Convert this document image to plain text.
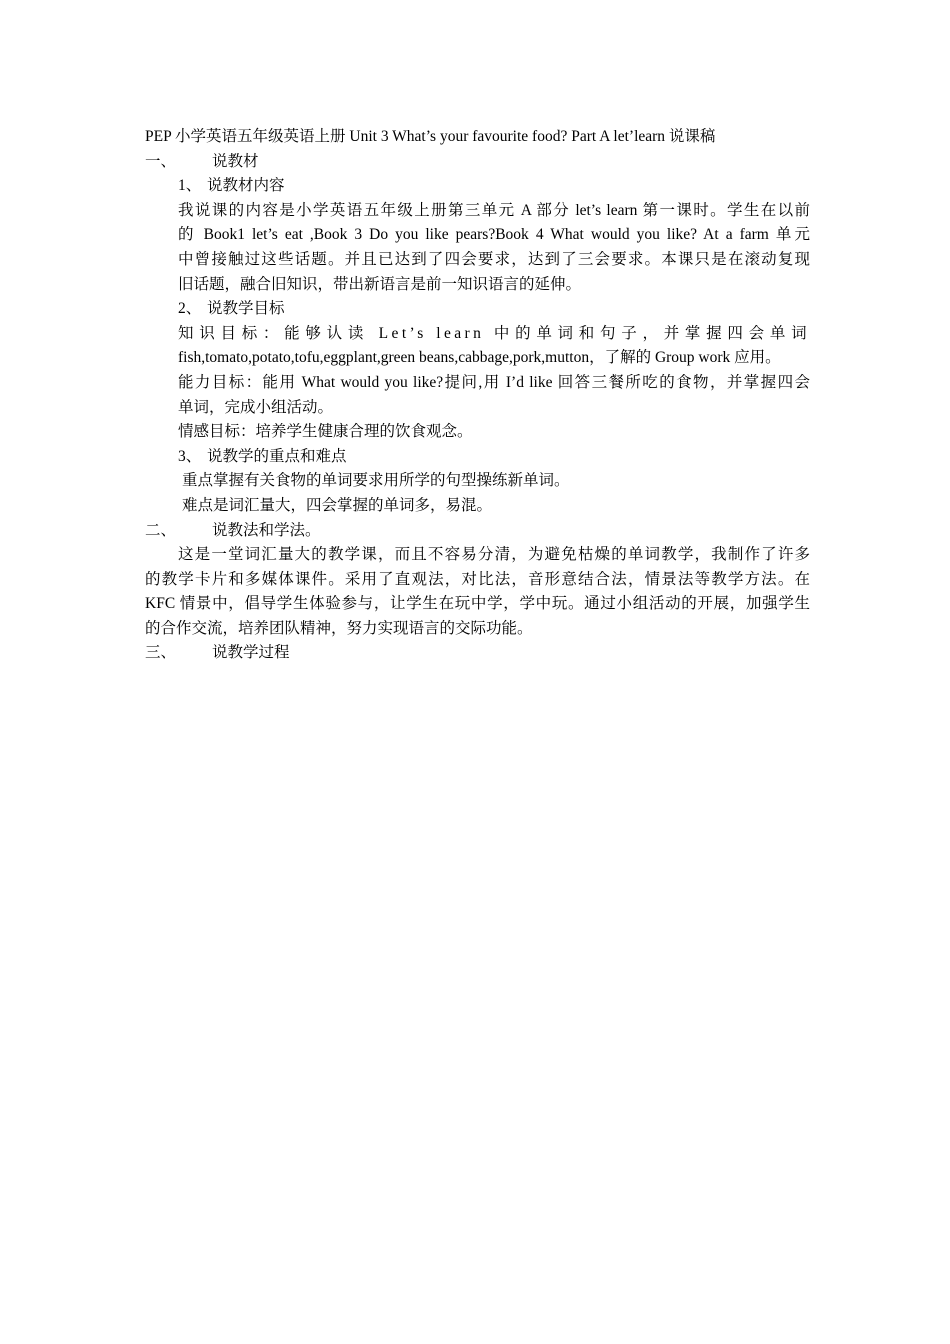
PEP 小学英语五年级英语上册 Unit 3 What’s your favourite food? Part A let’learn 说课稿

一、	说教材
1、 说教材内容

我说课的内容是小学英语五年级上册第三单元 A 部分 let’s learn 第一课时。学生在以前

的 Book1 let’s eat ,Book 3 Do you like pears?Book 4 What would you like? At a farm 单元

中曾接触过这些话题。并且已达到了四会要求，达到了三会要求。本课只是在滚动复现

旧话题，融合旧知识，带出新语言是前一知识语言的延伸。

2、 说教学目标

知识目标：能够认读 Let’s learn 中的单词和句子，并掌握四会单词

fish,tomato,potato,tofu,eggplant,green beans,cabbage,pork,mutton，了解的 Group work 应用。

能力目标：能用 What would you like?提问,用 I’d like 回答三餐所吃的食物，并掌握四会

单词，完成小组活动。

情感目标：培养学生健康合理的饮食观念。

3、 说教学的重点和难点

重点掌握有关食物的单词要求用所学的句型操练新单词。

难点是词汇量大，四会掌握的单词多，易混。

二、	说教法和学法。

这是一堂词汇量大的教学课，而且不容易分清，为避免枯燥的单词教学，我制作了许多

的教学卡片和多媒体课件。采用了直观法，对比法，音形意结合法，情景法等教学方法。在

KFC 情景中，倡导学生体验参与，让学生在玩中学，学中玩。通过小组活动的开展，加强学生

的合作交流，培养团队精神，努力实现语言的交际功能。

三、	说教学过程
